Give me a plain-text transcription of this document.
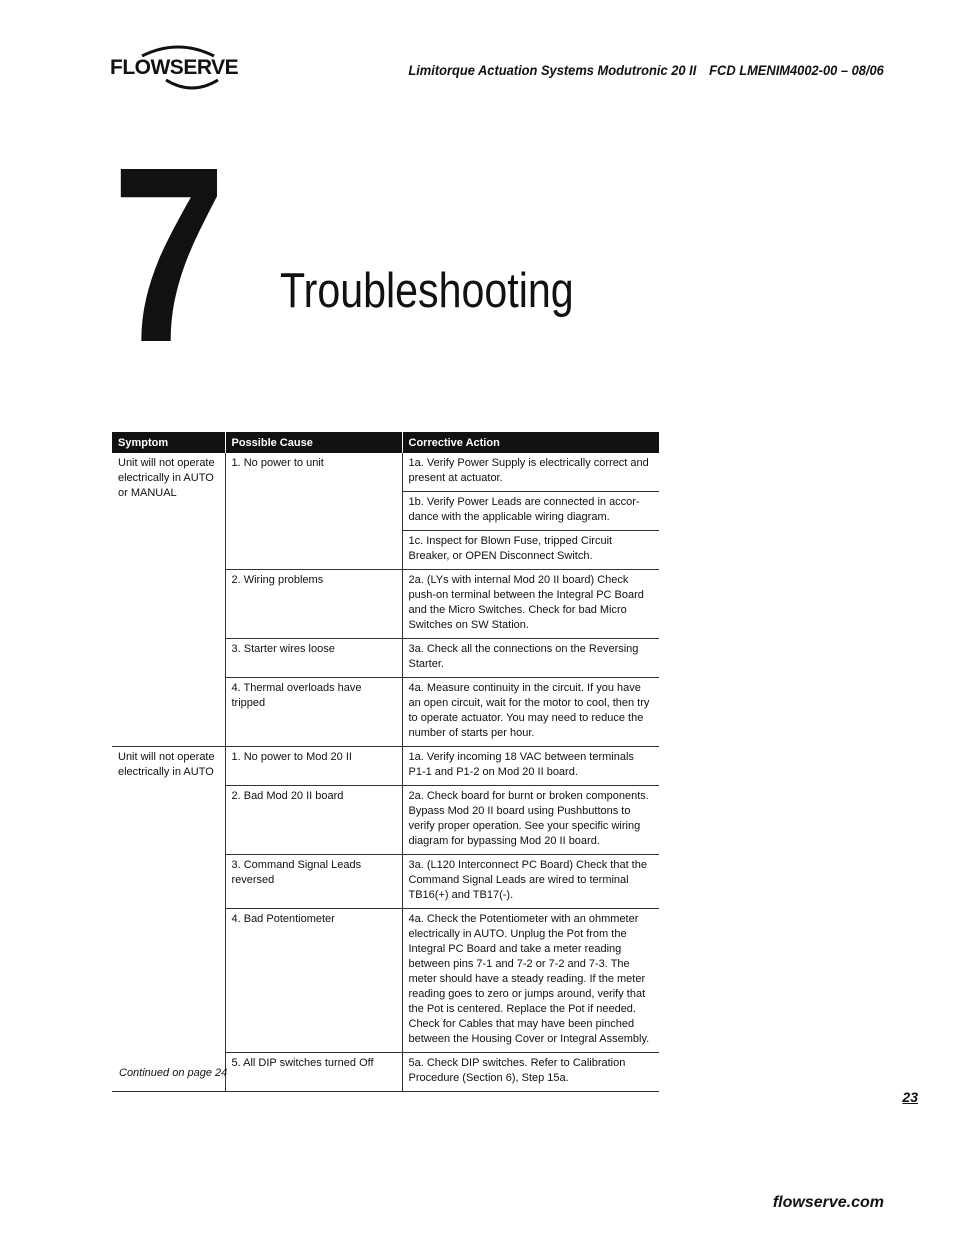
FLOWSERVE	Limitorque Actuation Systems Modutronic 20 II FCD LMENIM4002-00 – 08/06
7 Troubleshooting
Symptom	Possible Cause	Corrective Action
Unit will not operate electrically in AUTO or MANUAL	1. No power to unit	1a. Verify Power Supply is electrically correct and present at actuator.
		1b. Verify Power Leads are connected in accor-dance with the applicable wiring diagram.
		1c. Inspect for Blown Fuse, tripped Circuit Breaker, or OPEN Disconnect Switch.
	2. Wiring problems	2a. (LYs with internal Mod 20 II board) Check push-on terminal between the Integral PC Board and the Micro Switches. Check for bad Micro Switches on SW Station.
	3. Starter wires loose	3a. Check all the connections on the Reversing Starter.
	4. Thermal overloads have tripped	4a. Measure continuity in the circuit. If you have an open circuit, wait for the motor to cool, then try to operate actuator. You may need to reduce the number of starts per hour.
Unit will not operate electrically in AUTO	1. No power to Mod 20 II	1a. Verify incoming 18 VAC between terminals P1-1 and P1-2 on Mod 20 II board.
	2. Bad Mod 20 II board	2a. Check board for burnt or broken components. Bypass Mod 20 II board using Pushbuttons to verify proper operation. See your specific wiring diagram for bypassing Mod 20 II board.
	3. Command Signal Leads reversed	3a. (L120 Interconnect PC Board) Check that the Command Signal Leads are wired to terminal TB16(+) and TB17(-).
	4. Bad Potentiometer	4a. Check the Potentiometer with an ohmmeter electrically in AUTO. Unplug the Pot from the Integral PC Board and take a meter reading between pins 7-1 and 7-2 or 7-2 and 7-3. The meter should have a steady reading. If the meter reading goes to zero or jumps around, verify that the Pot is centered. Replace the Pot if needed. Check for Cables that may have been pinched between the Housing Cover or Integral Assembly.
	5. All DIP switches turned Off	5a. Check DIP switches. Refer to Calibration Procedure (Section 6), Step 15a.
Continued on page 24
23
flowserve.com
